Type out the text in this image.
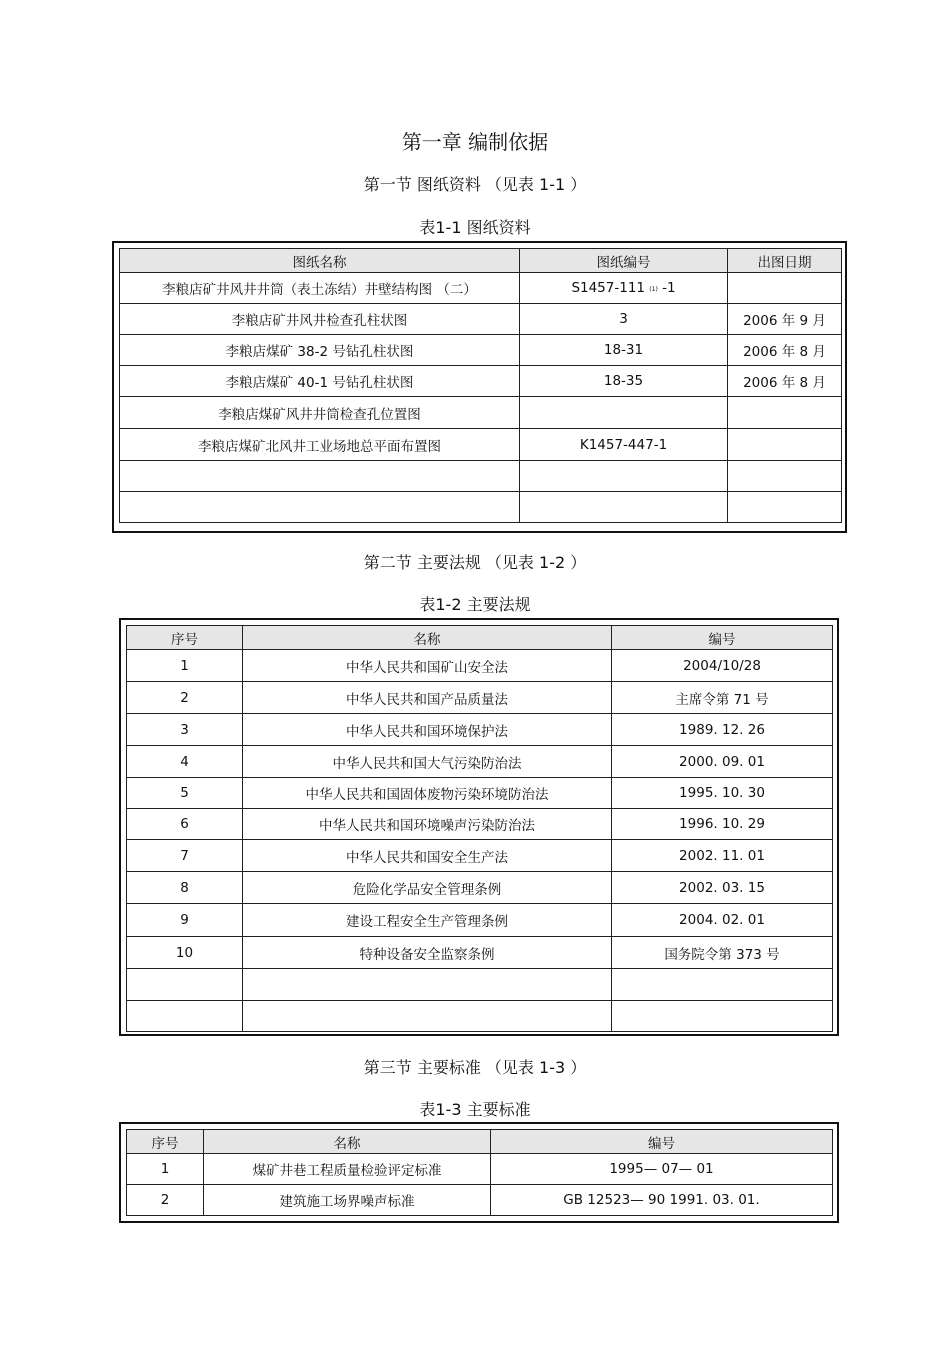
第一章 编制依据
第一节 图纸资料 （见表 1-1 ）
表1-1 图纸资料
图纸名称	图纸编号	出图日期
李粮店矿井风井井筒（表土冻结）井壁结构图 （二）	S1457-111 (1) -1	
李粮店矿井风井检查孔柱状图	3	2006 年 9 月
李粮店煤矿 38-2 号钻孔柱状图	18-31	2006 年 8 月
李粮店煤矿 40-1 号钻孔柱状图	18-35	2006 年 8 月
李粮店煤矿风井井筒检查孔位置图		
李粮店煤矿北风井工业场地总平面布置图	K1457-447-1	

第二节 主要法规 （见表 1-2 ）
表1-2 主要法规
序号	名称	编号
1	中华人民共和国矿山安全法	2004/10/28
2	中华人民共和国产品质量法	主席令第 71 号
3	中华人民共和国环境保护法	1989. 12. 26
4	中华人民共和国大气污染防治法	2000. 09. 01
5	中华人民共和国固体废物污染环境防治法	1995. 10. 30
6	中华人民共和国环境噪声污染防治法	1996. 10. 29
7	中华人民共和国安全生产法	2002. 11. 01
8	危险化学品安全管理条例	2002. 03. 15
9	建设工程安全生产管理条例	2004. 02. 01
10	特种设备安全监察条例	国务院令第 373 号

第三节 主要标准 （见表 1-3 ）
表1-3 主要标准
序号	名称	编号
1	煤矿井巷工程质量检验评定标准	1995— 07— 01
2	建筑施工场界噪声标准	GB 12523— 90 1991. 03. 01.
